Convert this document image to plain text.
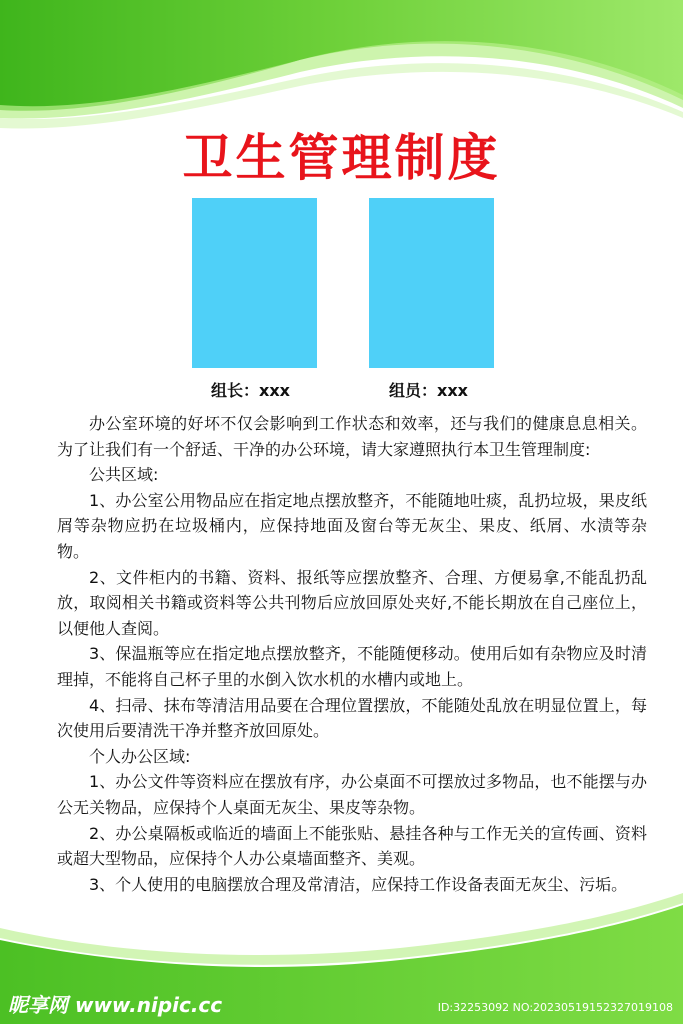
卫生管理制度
组长：xxx	组员：xxx

办公室环境的好坏不仅会影响到工作状态和效率，还与我们的健康息息相关。为了让我们有一个舒适、干净的办公环境，请大家遵照执行本卫生管理制度:

公共区域:

1、办公室公用物品应在指定地点摆放整齐，不能随地吐痰，乱扔垃圾，果皮纸屑等杂物应扔在垃圾桶内，应保持地面及窗台等无灰尘、果皮、纸屑、水渍等杂物。

2、文件柜内的书籍、资料、报纸等应摆放整齐、合理、方便易拿,不能乱扔乱放，取阅相关书籍或资料等公共刊物后应放回原处夹好,不能长期放在自己座位上，以便他人查阅。

3、保温瓶等应在指定地点摆放整齐，不能随便移动。使用后如有杂物应及时清理掉，不能将自己杯子里的水倒入饮水机的水槽内或地上。

4、扫帚、抹布等清洁用品要在合理位置摆放，不能随处乱放在明显位置上，每次使用后要清洗干净并整齐放回原处。

个人办公区域:

1、办公文件等资料应在摆放有序，办公桌面不可摆放过多物品，也不能摆与办公无关物品，应保持个人桌面无灰尘、果皮等杂物。

2、办公桌隔板或临近的墙面上不能张贴、悬挂各种与工作无关的宣传画、资料或超大型物品，应保持个人办公桌墙面整齐、美观。

3、个人使用的电脑摆放合理及常清洁，应保持工作设备表面无灰尘、污垢。

昵享网 www.nipic.cc	ID:32253092 NO:20230519152327019108
